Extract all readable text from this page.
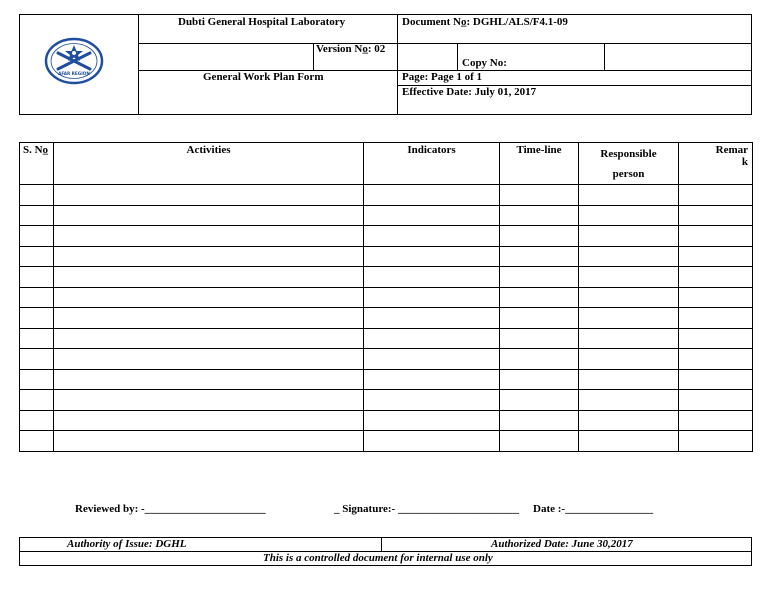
AFAR REGION
Dubti General Hospital Laboratory	Document No̲: DGHL/ALS/F4.1-09
Version No̲: 02
Copy No:
General Work Plan Form	Page: Page 1 of 1
Effective Date: July 01, 2017
S. No̲	Activities	Indicators	Time-line	Responsible person	Remark

Reviewed by: -______________________	_ Signature:- ______________________ Date :-________________
Authority of Issue: DGHL	Authorized Date: June 30,2017
This is a controlled document for internal use only
